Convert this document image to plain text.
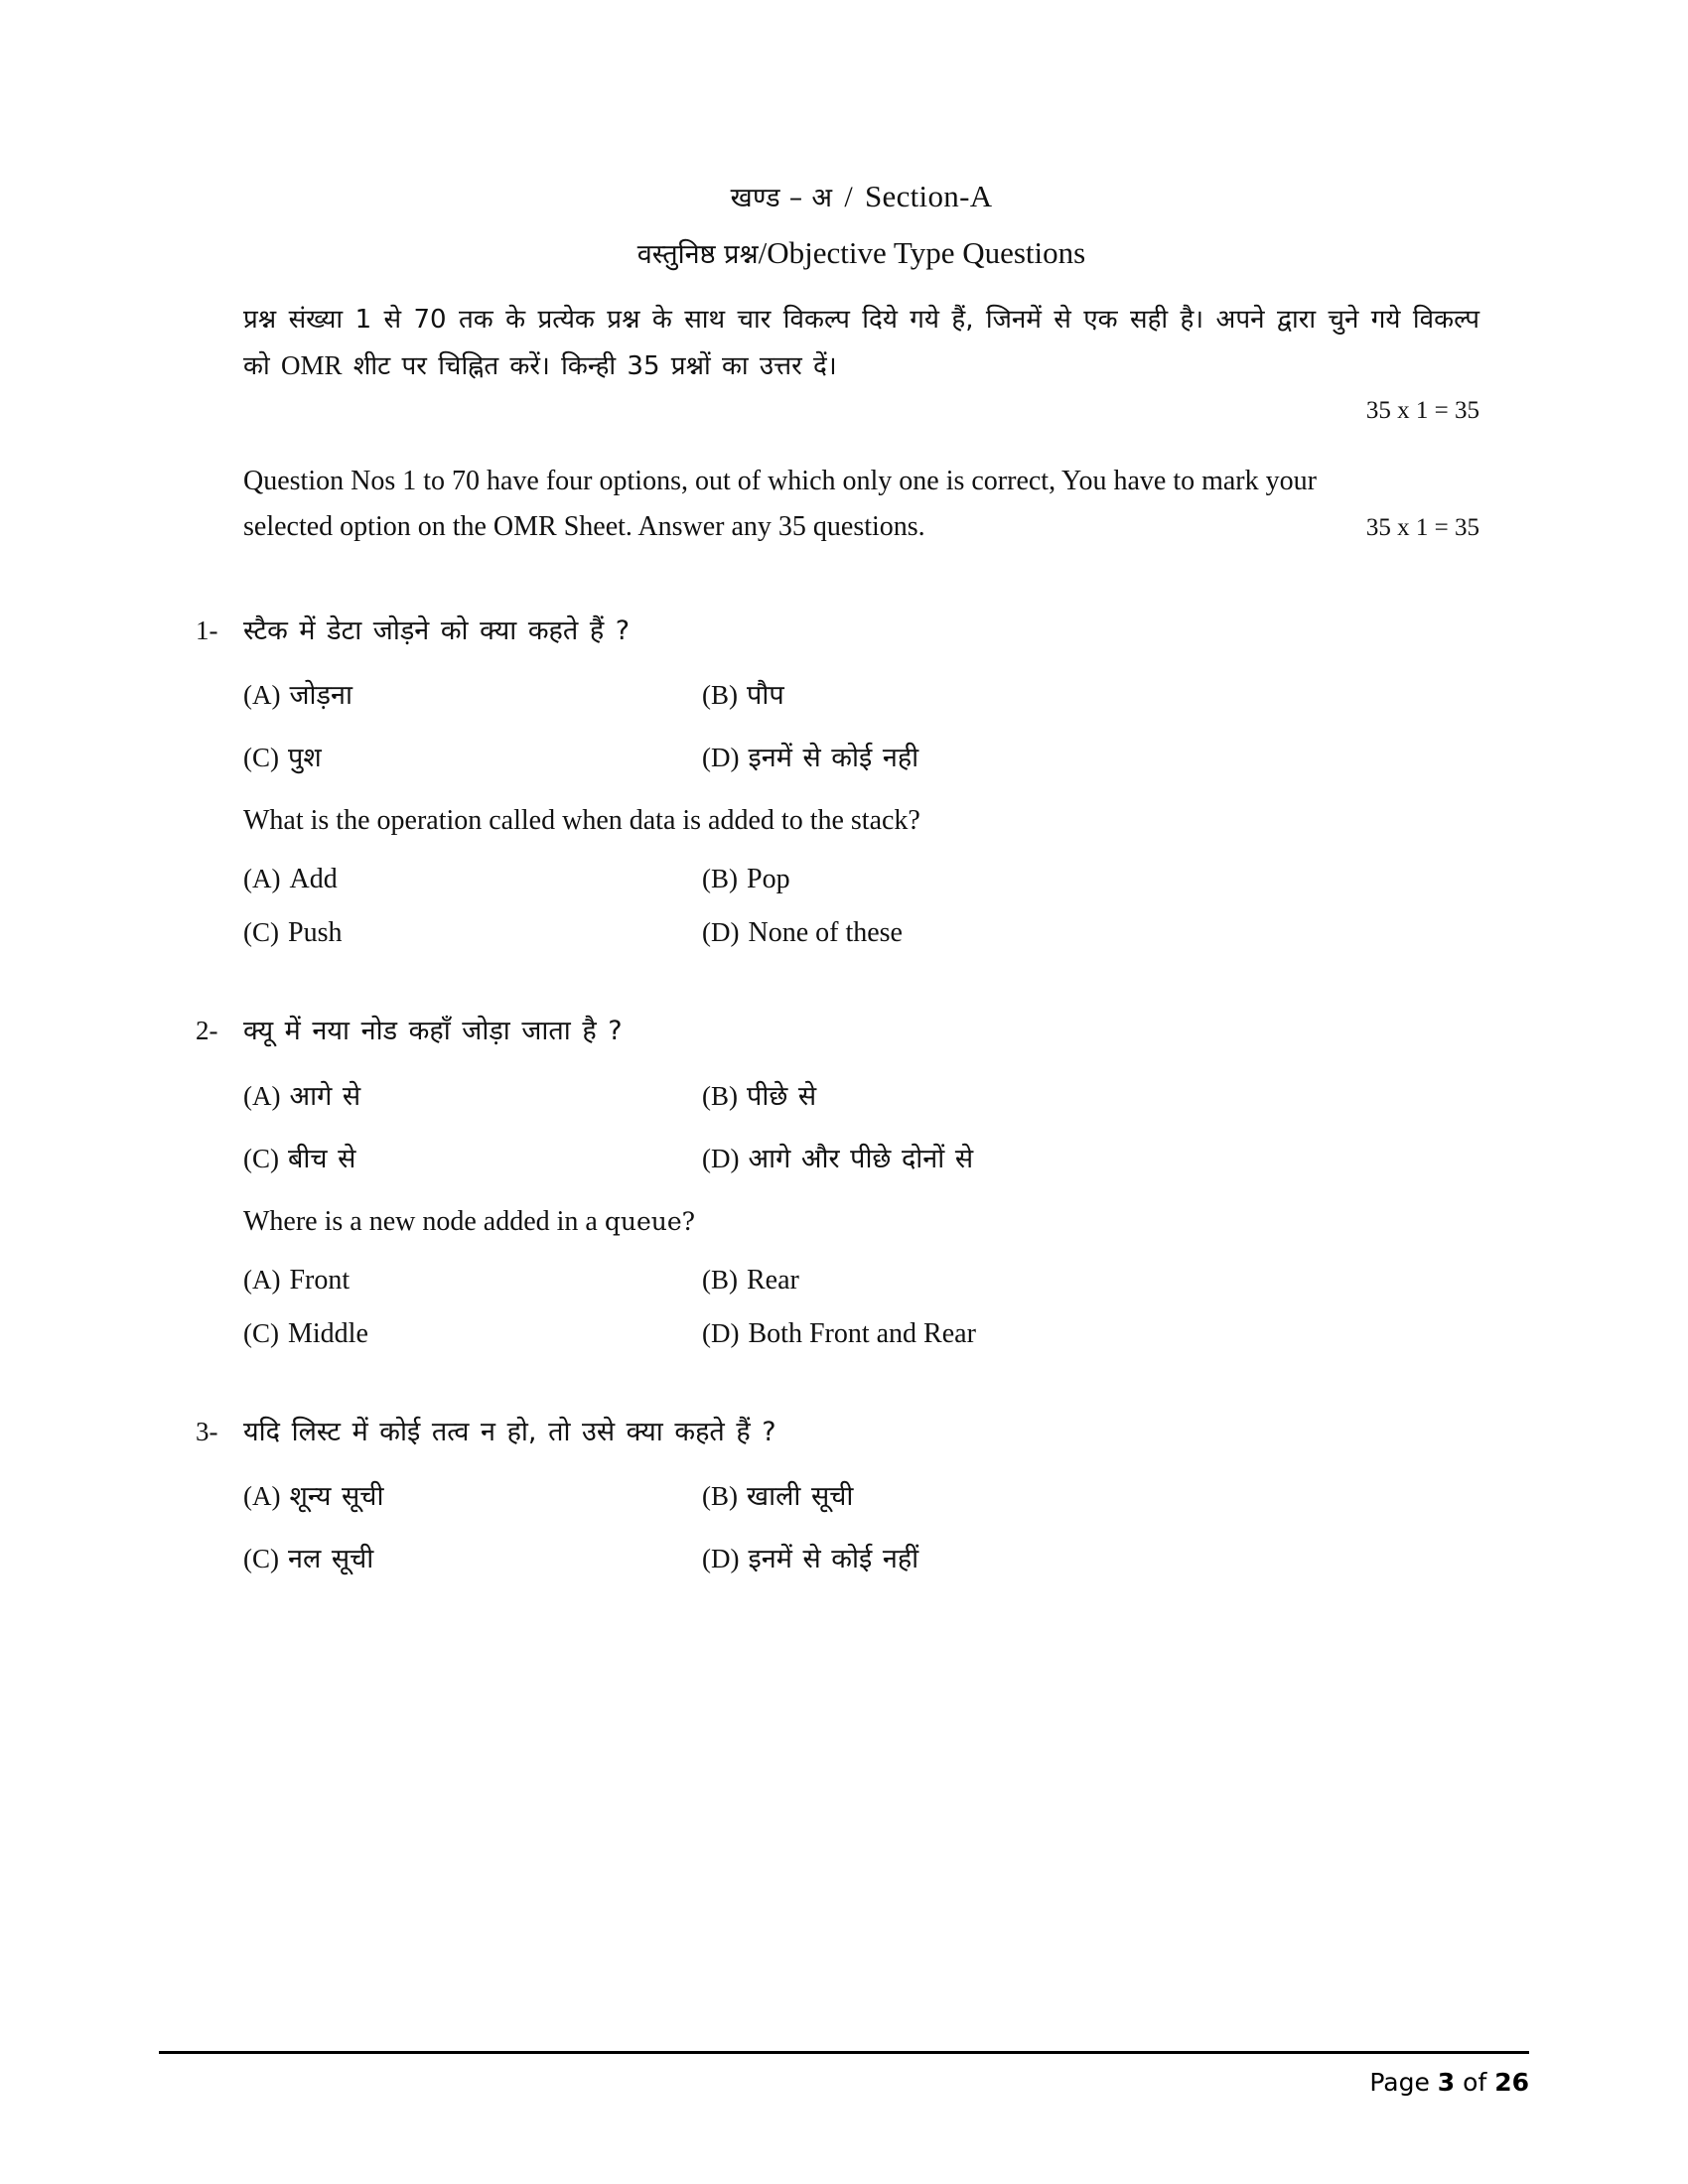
खण्ड – अ / Section-A
वस्तुनिष्ठ प्रश्न/Objective Type Questions
प्रश्न संख्या 1 से 70 तक के प्रत्येक प्रश्न के साथ चार विकल्प दिये गये हैं, जिनमें से एक सही है। अपने द्वारा चुने गये विकल्प को OMR शीट पर चिह्नित करें। किन्ही 35 प्रश्नों का उत्तर दें।

35 x 1 = 35
Question Nos 1 to 70 have four options, out of which only one is correct, You have to mark your
selected option on the OMR Sheet. Answer any 35 questions.	35 x 1 = 35
1- स्टैक में डेटा जोड़ने को क्या कहते हैं ?
(A) जोड़ना	(B) पौप
(C) पुश	(D) इनमें से कोई नही
What is the operation called when data is added to the stack?
(A) Add	(B) Pop
(C) Push	(D) None of these
2- क्यू में नया नोड कहाँ जोड़ा जाता है ?
(A) आगे से	(B) पीछे से
(C) बीच से	(D) आगे और पीछे दोनों से
Where is a new node added in a queue?
(A) Front	(B) Rear
(C) Middle	(D) Both Front and Rear
3- यदि लिस्ट में कोई तत्व न हो, तो उसे क्या कहते हैं ?
(A) शून्य सूची	(B) खाली सूची
(C) नल सूची	(D) इनमें से कोई नहीं
Page 3 of 26
